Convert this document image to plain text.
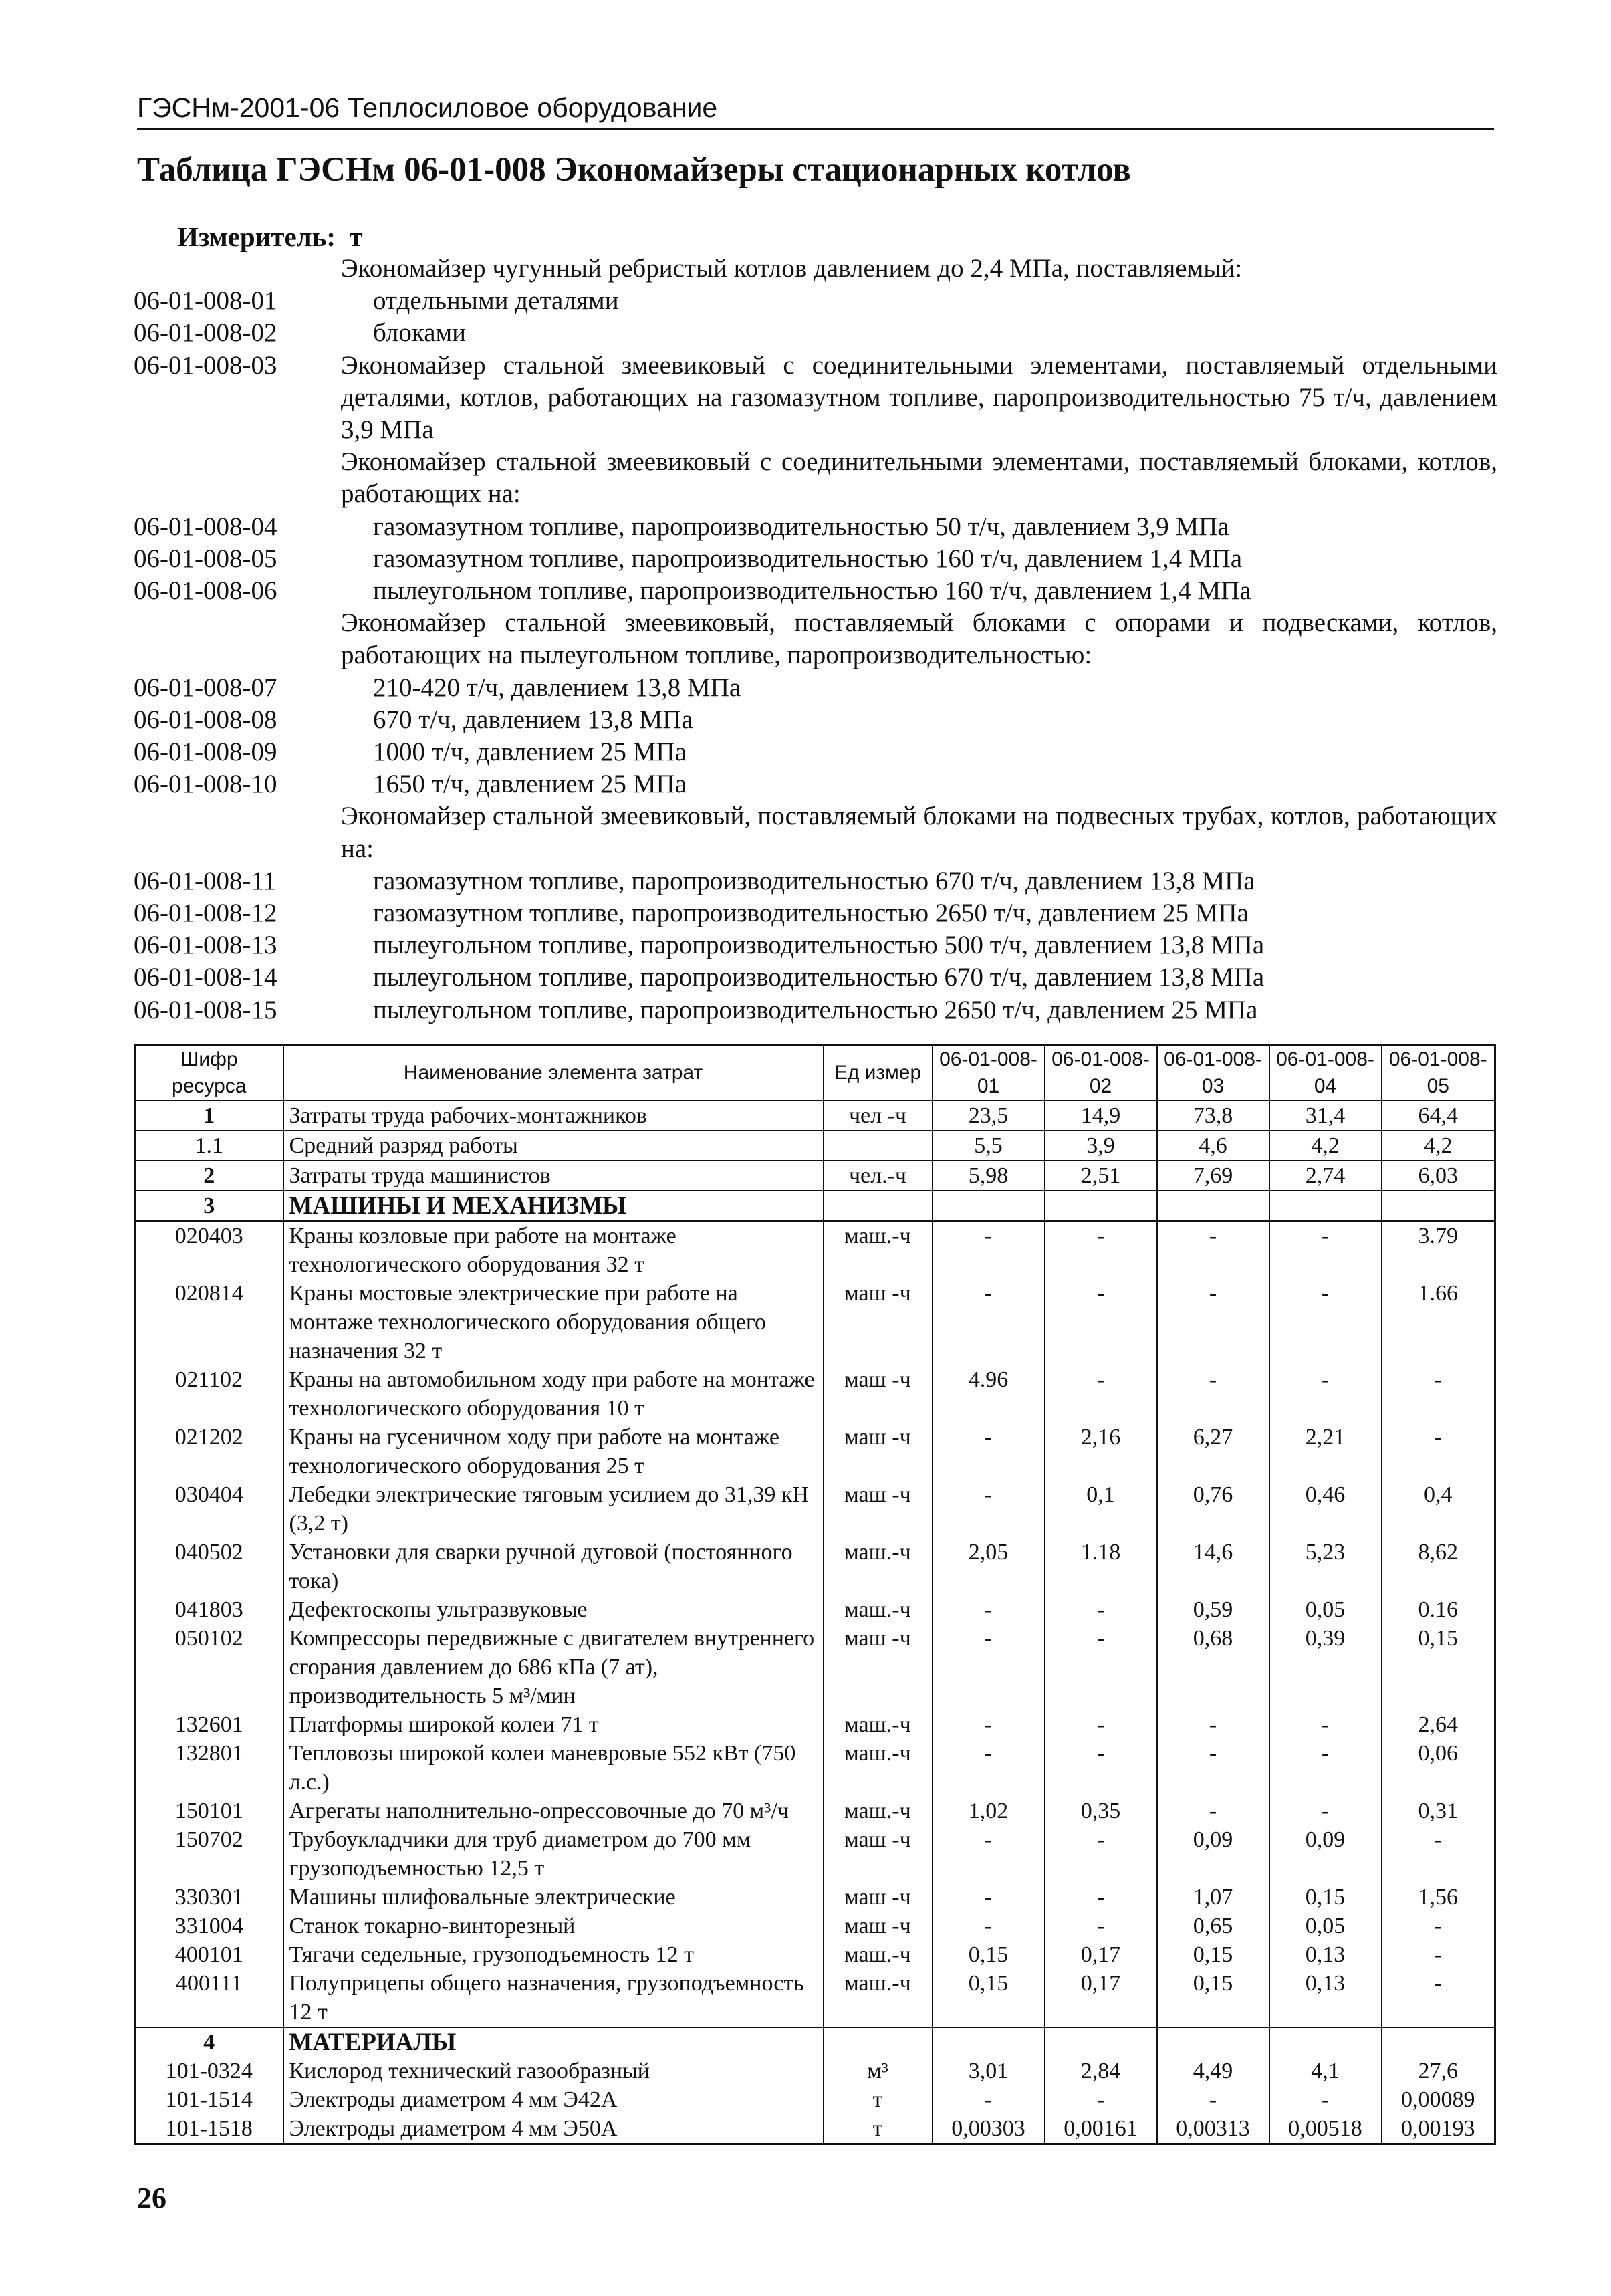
ГЭСНм-2001-06 Теплосиловое оборудование
Таблица ГЭСНм 06-01-008 Экономайзеры стационарных котлов
Измеритель: т
Экономайзер чугунный ребристый котлов давлением до 2,4 МПа, поставляемый:
06-01-008-01	отдельными деталями
06-01-008-02	блоками
06-01-008-03 Экономайзер стальной змеевиковый с соединительными элементами, поставляемый отдельными деталями, котлов, работающих на газомазутном топливе, паропроизводительностью 75 т/ч, давлением 3,9 МПа
Экономайзер стальной змеевиковый с соединительными элементами, поставляемый блоками, котлов, работающих на:
06-01-008-04	газомазутном топливе, паропроизводительностью 50 т/ч, давлением 3,9 МПа
06-01-008-05	газомазутном топливе, паропроизводительностью 160 т/ч, давлением 1,4 МПа
06-01-008-06	пылеугольном топливе, паропроизводительностью 160 т/ч, давлением 1,4 МПа
Экономайзер стальной змеевиковый, поставляемый блоками с опорами и подвесками, котлов, работающих на пылеугольном топливе, паропроизводительностью:
06-01-008-07	210-420 т/ч, давлением 13,8 МПа
06-01-008-08	670 т/ч, давлением 13,8 МПа
06-01-008-09	1000 т/ч, давлением 25 МПа
06-01-008-10	1650 т/ч, давлением 25 МПа
Экономайзер стальной змеевиковый, поставляемый блоками на подвесных трубах, котлов, работающих на:
06-01-008-11	газомазутном топливе, паропроизводительностью 670 т/ч, давлением 13,8 МПа
06-01-008-12	газомазутном топливе, паропроизводительностью 2650 т/ч, давлением 25 МПа
06-01-008-13	пылеугольном топливе, паропроизводительностью 500 т/ч, давлением 13,8 МПа
06-01-008-14	пылеугольном топливе, паропроизводительностью 670 т/ч, давлением 13,8 МПа
06-01-008-15	пылеугольном топливе, паропроизводительностью 2650 т/ч, давлением 25 МПа
Шифр ресурса	Наименование элемента затрат	Ед измер	06-01-008-01	06-01-008-02	06-01-008-03	06-01-008-04	06-01-008-05
1	Затраты труда рабочих-монтажников	чел -ч	23,5	14,9	73,8	31,4	64,4
1.1	Средний разряд работы		5,5	3,9	4,6	4,2	4,2
2	Затраты труда машинистов	чел.-ч	5,98	2,51	7,69	2,74	6,03
3	МАШИНЫ И МЕХАНИЗМЫ						
020403	Краны козловые при работе на монтаже технологического оборудования 32 т	маш.-ч	-	-	-	-	3.79
020814	Краны мостовые электрические при работе на монтаже технологического оборудования общего назначения 32 т	маш -ч	-	-	-	-	1.66
021102	Краны на автомобильном ходу при работе на монтаже технологического оборудования 10 т	маш -ч	4.96	-	-	-	-
021202	Краны на гусеничном ходу при работе на монтаже технологического оборудования 25 т	маш -ч	-	2,16	6,27	2,21	-
030404	Лебедки электрические тяговым усилием до 31,39 кН (3,2 т)	маш -ч	-	0,1	0,76	0,46	0,4
040502	Установки для сварки ручной дуговой (постоянного тока)	маш.-ч	2,05	1.18	14,6	5,23	8,62
041803	Дефектоскопы ультразвуковые	маш.-ч	-	-	0,59	0,05	0.16
050102	Компрессоры передвижные с двигателем внутреннего сгорания давлением до 686 кПа (7 ат), производительность 5 м³/мин	маш -ч	-	-	0,68	0,39	0,15
132601	Платформы широкой колеи 71 т	маш.-ч	-	-	-	-	2,64
132801	Тепловозы широкой колеи маневровые 552 кВт (750 л.с.)	маш.-ч	-	-	-	-	0,06
150101	Агрегаты наполнительно-опрессовочные до 70 м³/ч	маш.-ч	1,02	0,35	-	-	0,31
150702	Трубоукладчики для труб диаметром до 700 мм грузоподъемностью 12,5 т	маш -ч	-	-	0,09	0,09	-
330301	Машины шлифовальные электрические	маш -ч	-	-	1,07	0,15	1,56
331004	Станок токарно-винторезный	маш -ч	-	-	0,65	0,05	-
400101	Тягачи седельные, грузоподъемность 12 т	маш.-ч	0,15	0,17	0,15	0,13	-
400111	Полуприцепы общего назначения, грузоподъемность 12 т	маш.-ч	0,15	0,17	0,15	0,13	-
4	МАТЕРИАЛЫ						
101-0324	Кислород технический газообразный	м³	3,01	2,84	4,49	4,1	27,6
101-1514	Электроды диаметром 4 мм Э42А	т	-	-	-	-	0,00089
101-1518	Электроды диаметром 4 мм Э50А	т	0,00303	0,00161	0,00313	0,00518	0,00193
26
